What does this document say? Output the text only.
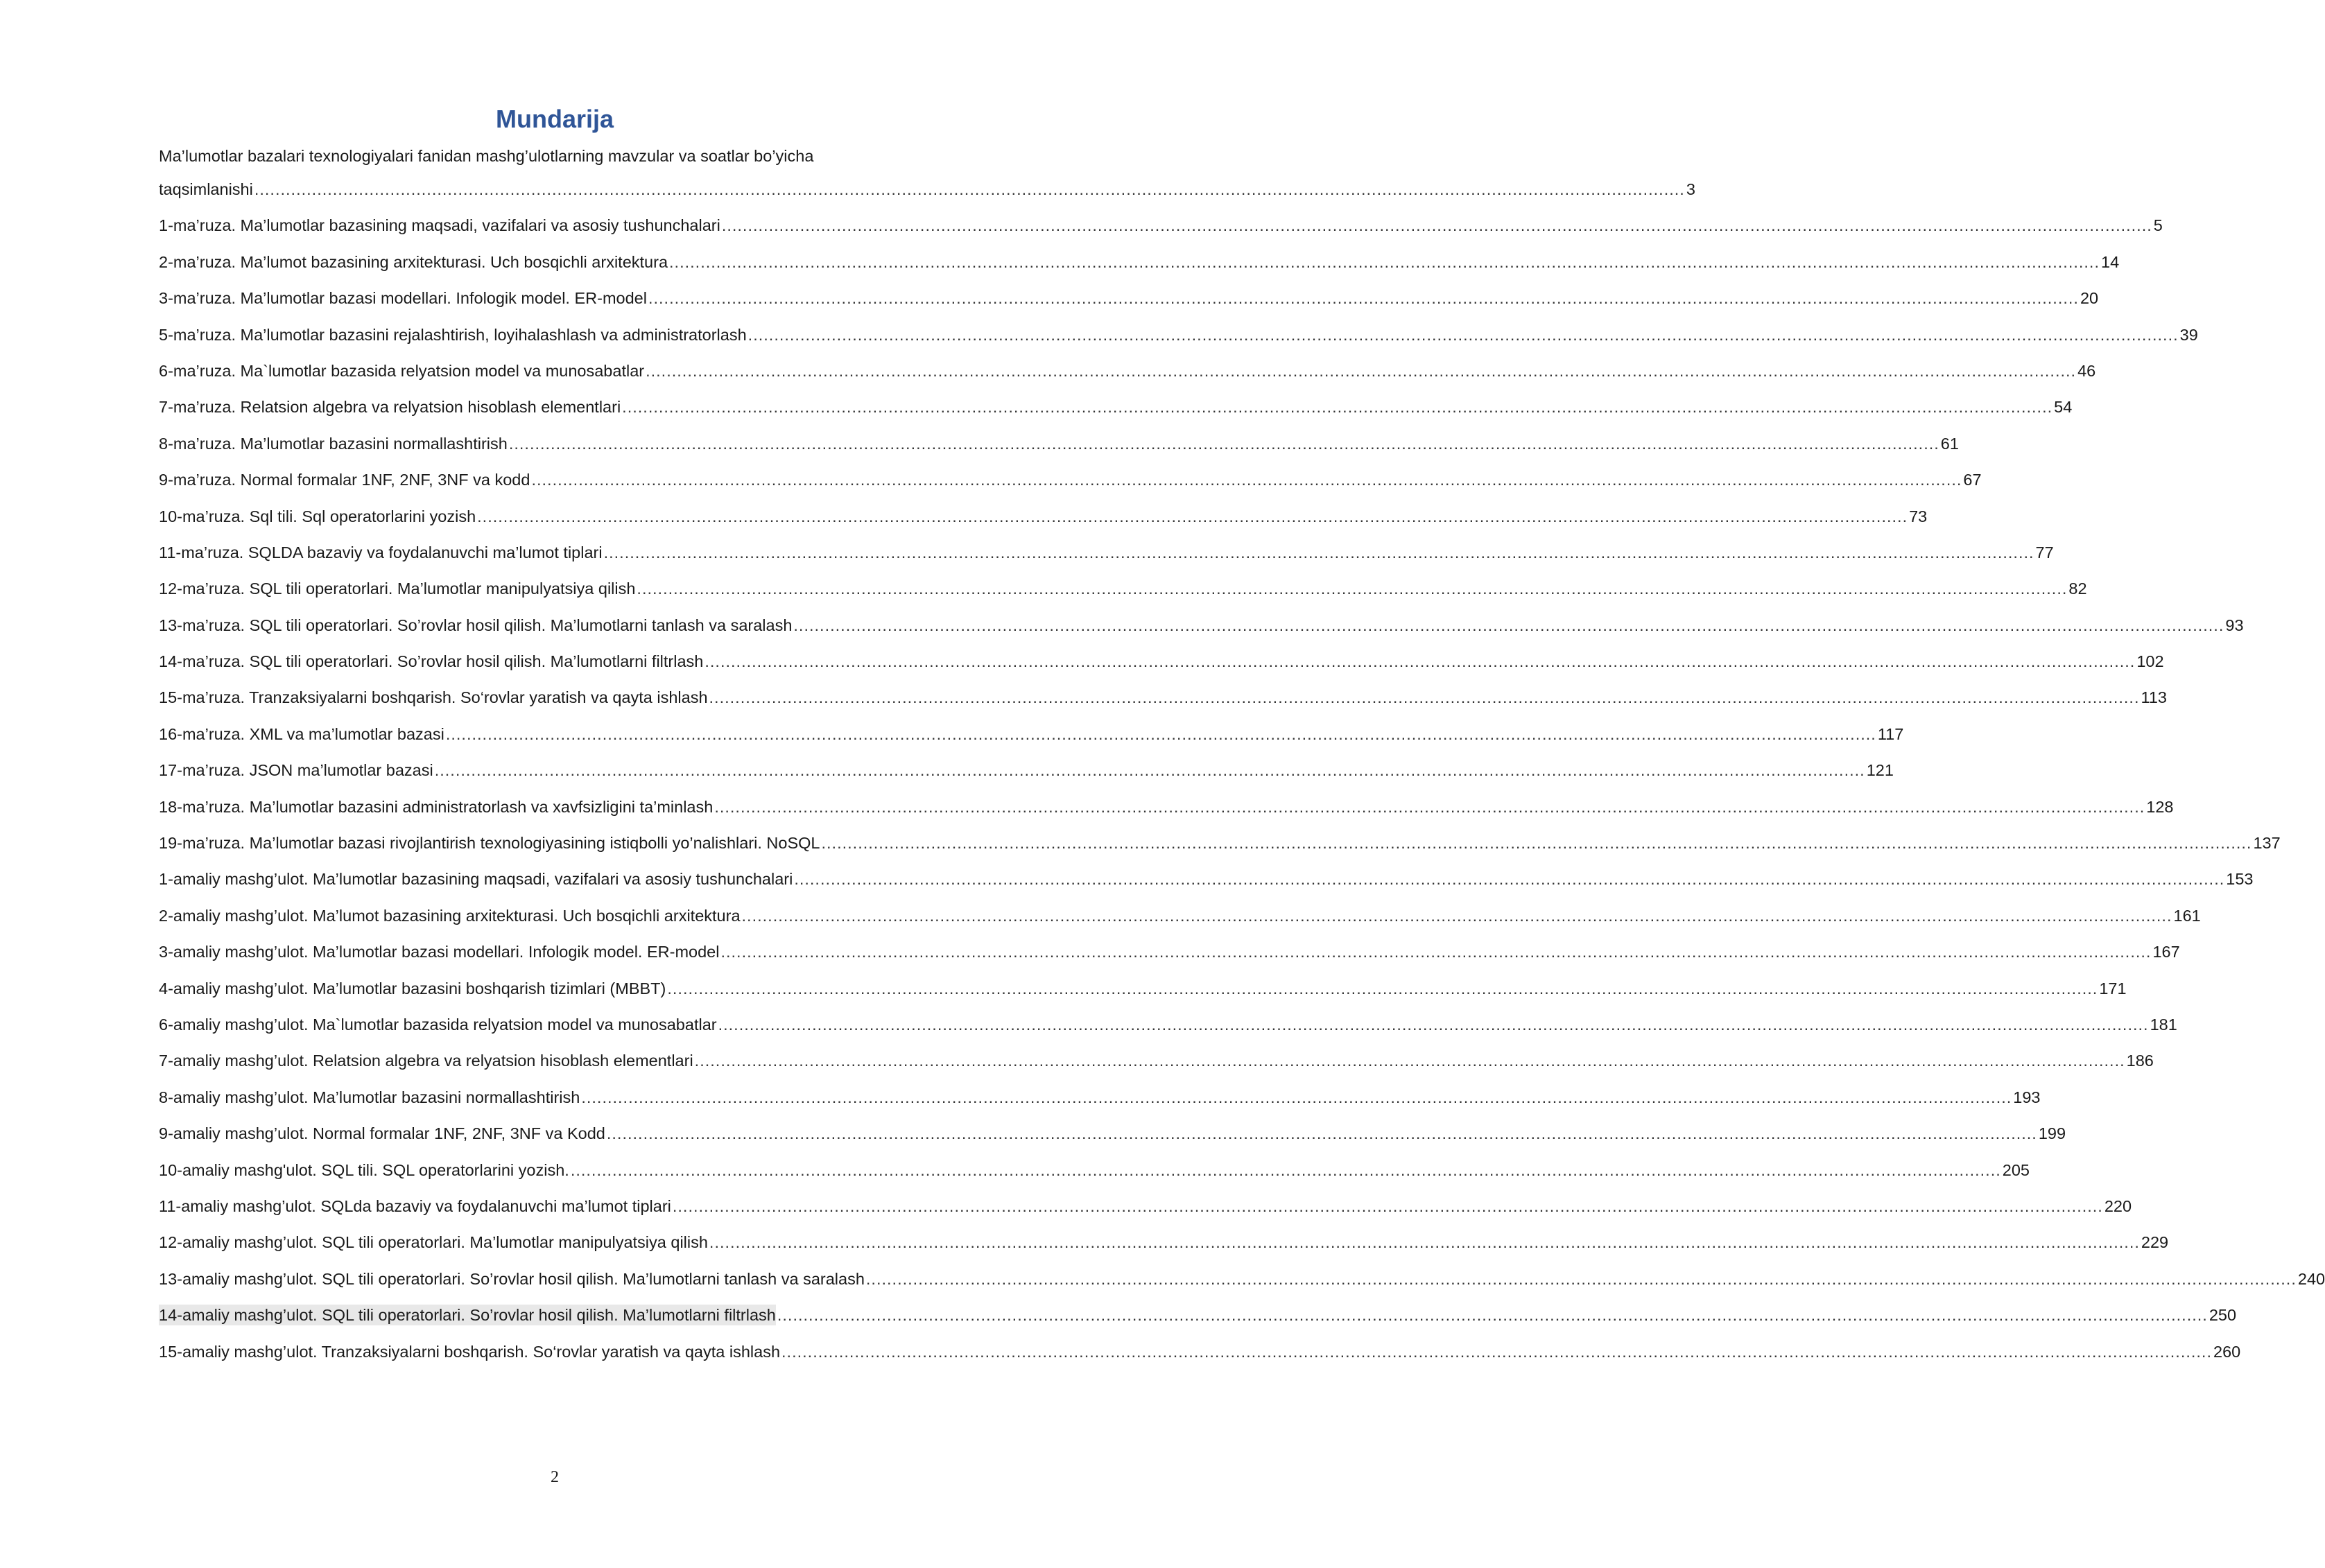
Mundarija
Ma’lumotlar bazalari texnologiyalari fanidan mashg’ulotlarning mavzular va soatlar bo’yicha
taqsimlanishi .....	3
1-ma’ruza. Ma’lumotlar bazasining maqsadi, vazifalari va asosiy tushunchalari .....	5
2-ma’ruza. Ma’lumot bazasining arxitekturasi. Uch bosqichli arxitektura .....	14
3-ma’ruza. Ma’lumotlar bazasi modellari. Infologik model. ER-model .....	20
5-ma’ruza. Ma’lumotlar bazasini rejalashtirish, loyihalashlash va administratorlash .....	39
6-ma’ruza. Ma`lumotlar bazasida relyatsion model va munosabatlar .....	46
7-ma’ruza. Relatsion algebra va relyatsion hisoblash elementlari .....	54
8-ma’ruza. Ma’lumotlar bazasini normallashtirish .....	61
9-ma’ruza. Normal formalar 1NF, 2NF, 3NF va kodd .....	67
10-ma’ruza. Sql tili. Sql operatorlarini yozish .....	73
11-ma’ruza. SQLDA bazaviy va foydalanuvchi ma’lumot tiplari .....	77
12-ma’ruza. SQL tili operatorlari. Ma’lumotlar manipulyatsiya qilish .....	82
13-ma’ruza. SQL tili operatorlari. So’rovlar hosil qilish. Ma’lumotlarni tanlash va saralash .....	93
14-ma’ruza. SQL tili operatorlari. So’rovlar hosil qilish. Ma’lumotlarni filtrlash .....	102
15-ma’ruza. Tranzaksiyalarni boshqarish. So‘rovlar yaratish va qayta ishlash .....	113
16-ma’ruza. XML va ma’lumotlar bazasi .....	117
17-ma’ruza. JSON ma’lumotlar bazasi .....	121
18-ma’ruza. Ma’lumotlar bazasini administratorlash va xavfsizligini ta’minlash .....	128
19-ma’ruza. Ma’lumotlar bazasi rivojlantirish texnologiyasining istiqbolli yo’nalishlari. NoSQL .....	137
1-amaliy mashg’ulot. Ma’lumotlar bazasining maqsadi, vazifalari va asosiy tushunchalari .....	153
2-amaliy mashg’ulot. Ma’lumot bazasining arxitekturasi. Uch bosqichli arxitektura .....	161
3-amaliy mashg’ulot. Ma’lumotlar bazasi modellari. Infologik model. ER-model .....	167
4-amaliy mashg’ulot. Ma’lumotlar bazasini boshqarish tizimlari (MBBT) .....	171
6-amaliy mashg’ulot. Ma`lumotlar bazasida relyatsion model va munosabatlar .....	181
7-amaliy mashg’ulot. Relatsion algebra va relyatsion hisoblash elementlari .....	186
8-amaliy mashg’ulot. Ma’lumotlar bazasini normallashtirish .....	193
9-amaliy mashg’ulot. Normal formalar 1NF, 2NF, 3NF va Kodd .....	199
10-amaliy mashg'ulot. SQL tili. SQL operatorlarini yozish. .....	205
11-amaliy mashg’ulot. SQLda bazaviy va foydalanuvchi ma’lumot tiplari .....	220
12-amaliy mashg’ulot. SQL tili operatorlari. Ma’lumotlar manipulyatsiya qilish .....	229
13-amaliy mashg’ulot. SQL tili operatorlari. So’rovlar hosil qilish. Ma’lumotlarni tanlash va saralash .....	240
14-amaliy mashg’ulot. SQL tili operatorlari. So’rovlar hosil qilish. Ma’lumotlarni filtrlash .....	250
15-amaliy mashg’ulot. Tranzaksiyalarni boshqarish. So‘rovlar yaratish va qayta ishlash .....	260
2
